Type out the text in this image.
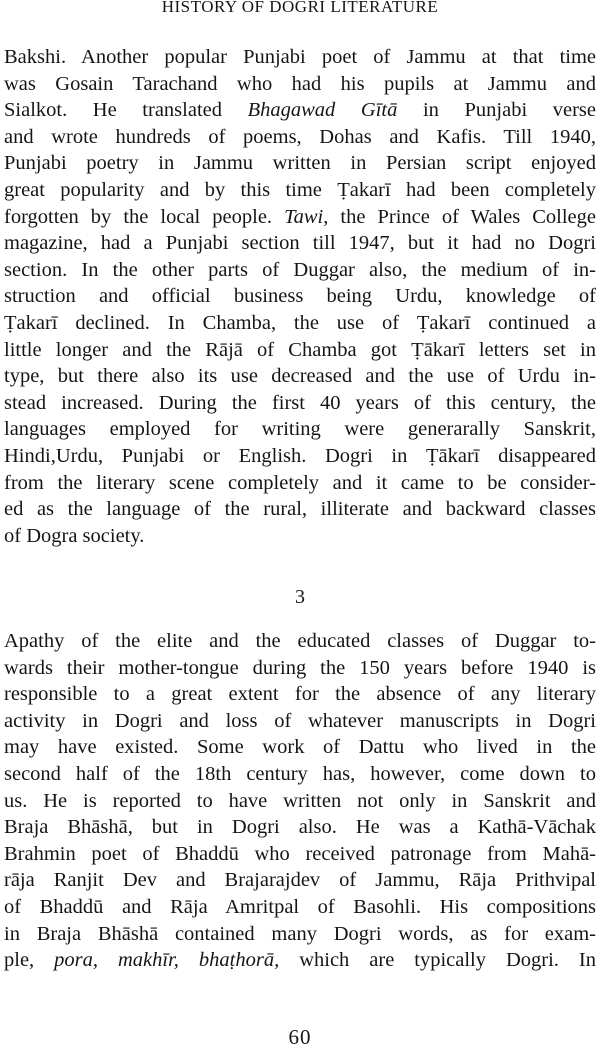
HISTORY OF DOGRI LITERATURE
Bakshi. Another popular Punjabi poet of Jammu at that time
was Gosain Tarachand who had his pupils at Jammu and
Sialkot. He translated Bhagawad Gītā in Punjabi verse
and wrote hundreds of poems, Dohas and Kafis. Till 1940,
Punjabi poetry in Jammu written in Persian script enjoyed
great popularity and by this time Ṭakarī had been completely
forgotten by the local people. Tawi, the Prince of Wales College
magazine, had a Punjabi section till 1947, but it had no Dogri
section. In the other parts of Duggar also, the medium of in-
struction and official business being Urdu, knowledge of
Ṭakarī declined. In Chamba, the use of Ṭakarī continued a
little longer and the Rājā of Chamba got Ṭākarī letters set in
type, but there also its use decreased and the use of Urdu in-
stead increased. During the first 40 years of this century, the
languages employed for writing were generarally Sanskrit,
Hindi,Urdu, Punjabi or English. Dogri in Ṭākarī disappeared
from the literary scene completely and it came to be consider-
ed as the language of the rural, illiterate and backward classes
of Dogra society.
3
Apathy of the elite and the educated classes of Duggar to-
wards their mother-tongue during the 150 years before 1940 is
responsible to a great extent for the absence of any literary
activity in Dogri and loss of whatever manuscripts in Dogri
may have existed. Some work of Dattu who lived in the
second half of the 18th century has, however, come down to
us. He is reported to have written not only in Sanskrit and
Braja Bhāshā, but in Dogri also. He was a Kathā-Vāchak
Brahmin poet of Bhaddū who received patronage from Mahā-
rāja Ranjit Dev and Brajarajdev of Jammu, Rāja Prithvipal
of Bhaddū and Rāja Amritpal of Basohli. His compositions
in Braja Bhāshā contained many Dogri words, as for exam-
ple, pora, makhīr, bhaṭhorā, which are typically Dogri. In
60
